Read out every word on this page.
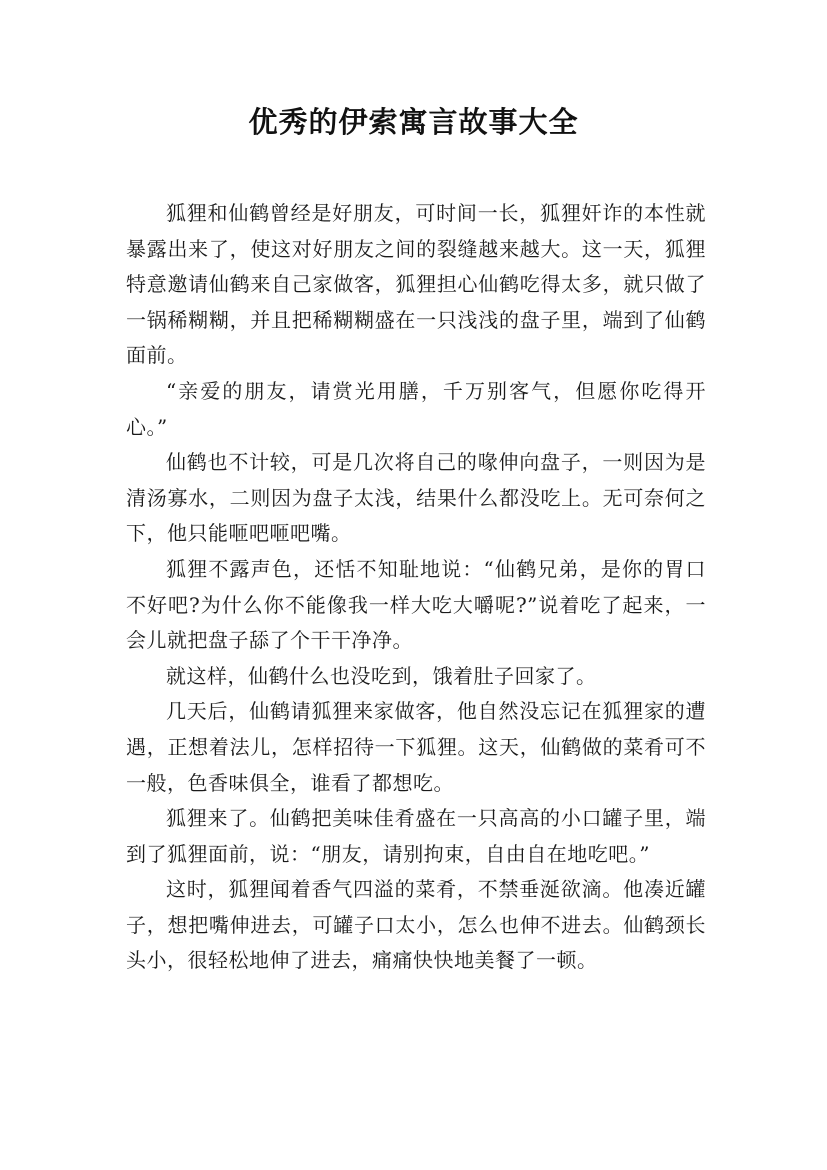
优秀的伊索寓言故事大全

狐狸和仙鹤曾经是好朋友，可时间一长，狐狸奸诈的本性就暴露出来了，使这对好朋友之间的裂缝越来越大。这一天，狐狸特意邀请仙鹤来自己家做客，狐狸担心仙鹤吃得太多，就只做了一锅稀糊糊，并且把稀糊糊盛在一只浅浅的盘子里，端到了仙鹤面前。

“亲爱的朋友，请赏光用膳，千万别客气，但愿你吃得开心。”

仙鹤也不计较，可是几次将自己的喙伸向盘子，一则因为是清汤寡水，二则因为盘子太浅，结果什么都没吃上。无可奈何之下，他只能咂吧咂吧嘴。

狐狸不露声色，还恬不知耻地说：“仙鹤兄弟，是你的胃口不好吧?为什么你不能像我一样大吃大嚼呢?”说着吃了起来，一会儿就把盘子舔了个干干净净。

就这样，仙鹤什么也没吃到，饿着肚子回家了。

几天后，仙鹤请狐狸来家做客，他自然没忘记在狐狸家的遭遇，正想着法儿，怎样招待一下狐狸。这天，仙鹤做的菜肴可不一般，色香味俱全，谁看了都想吃。

狐狸来了。仙鹤把美味佳肴盛在一只高高的小口罐子里，端到了狐狸面前，说：“朋友，请别拘束，自由自在地吃吧。”

这时，狐狸闻着香气四溢的菜肴，不禁垂涎欲滴。他凑近罐子，想把嘴伸进去，可罐子口太小，怎么也伸不进去。仙鹤颈长头小，很轻松地伸了进去，痛痛快快地美餐了一顿。
